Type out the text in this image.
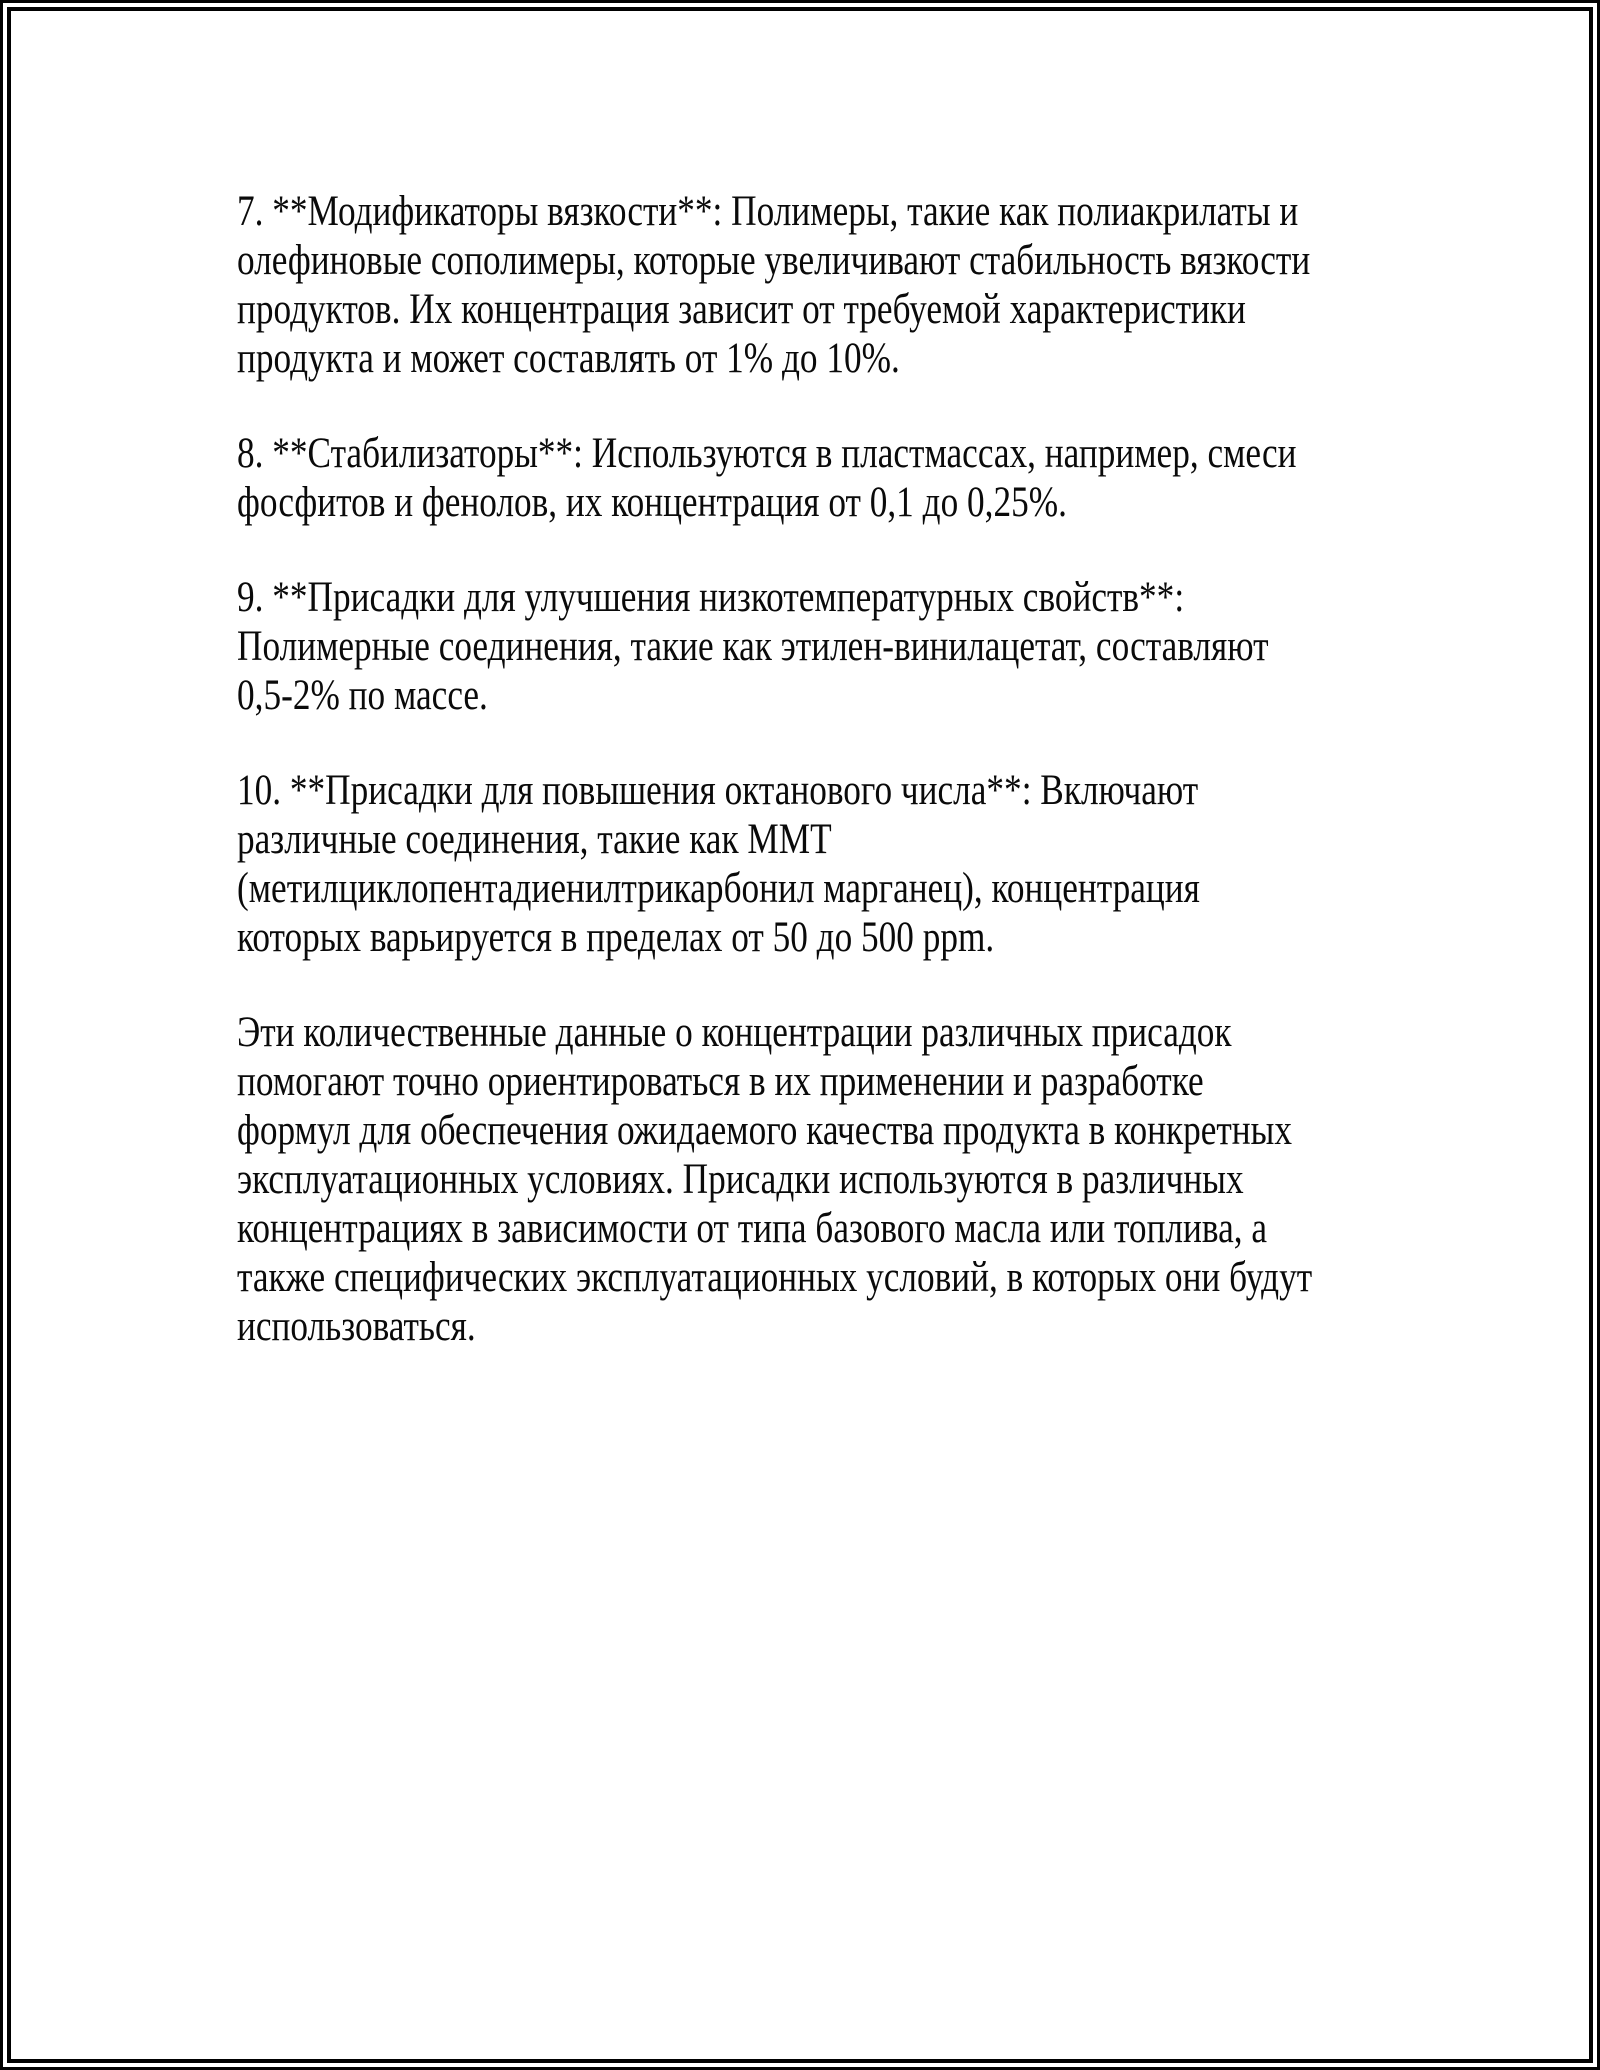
7. **Модификаторы вязкости**: Полимеры, такие как полиакрилаты и
олефиновые сополимеры, которые увеличивают стабильность вязкости
продуктов. Их концентрация зависит от требуемой характеристики
продукта и может составлять от 1% до 10%.
8. **Стабилизаторы**: Используются в пластмассах, например, смеси
фосфитов и фенолов, их концентрация от 0,1 до 0,25%.
9. **Присадки для улучшения низкотемпературных свойств**:
Полимерные соединения, такие как этилен-винилацетат, составляют
0,5-2% по массе.
10. **Присадки для повышения октанового числа**: Включают
различные соединения, такие как ММТ
(метилциклопентадиенилтрикарбонил марганец), концентрация
которых варьируется в пределах от 50 до 500 ppm.
Эти количественные данные о концентрации различных присадок
помогают точно ориентироваться в их применении и разработке
формул для обеспечения ожидаемого качества продукта в конкретных
эксплуатационных условиях. Присадки используются в различных
концентрациях в зависимости от типа базового масла или топлива, а
также специфических эксплуатационных условий, в которых они будут
использоваться.
